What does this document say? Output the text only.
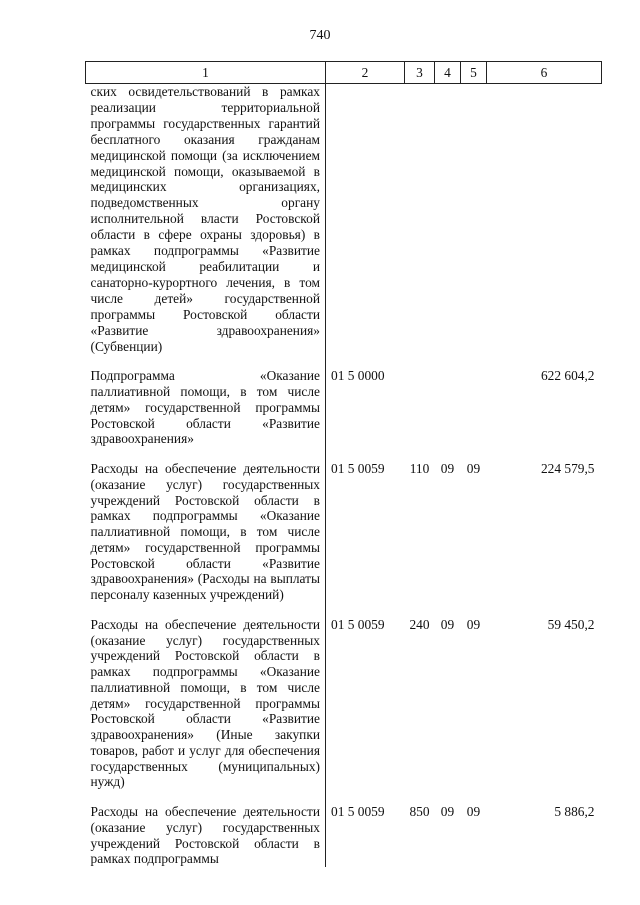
740
1	2	3	4	5	6
ских освидетельствований в рамках реализации территориальной программы государственных гарантий бесплатного оказания гражданам медицинской помощи (за исключением медицинской помощи, оказываемой в медицинских организациях, подведомственных органу исполнительной власти Ростовской области в сфере охраны здоровья) в рамках подпрограммы «Развитие медицинской реабилитации и санаторно-курортного лечения, в том числе детей» государственной программы Ростовской области «Развитие здравоохранения» (Субвенции)					
Подпрограмма «Оказание паллиативной помощи, в том числе детям» государственной программы Ростовской области «Развитие здравоохранения»	01 5 0000				622 604,2
Расходы на обеспечение деятельности (оказание услуг) государственных учреждений Ростовской области в рамках подпрограммы «Оказание паллиативной помощи, в том числе детям» государственной программы Ростовской области «Развитие здравоохранения» (Расходы на выплаты персоналу казенных учреждений)	01 5 0059	110	09	09	224 579,5
Расходы на обеспечение деятельности (оказание услуг) государственных учреждений Ростовской области в рамках подпрограммы «Оказание паллиативной помощи, в том числе детям» государственной программы Ростовской области «Развитие здравоохранения» (Иные закупки товаров, работ и услуг для обеспечения государственных (муниципальных) нужд)	01 5 0059	240	09	09	59 450,2
Расходы на обеспечение деятельности (оказание услуг) государственных учреждений Ростовской области в рамках подпрограммы	01 5 0059	850	09	09	5 886,2
